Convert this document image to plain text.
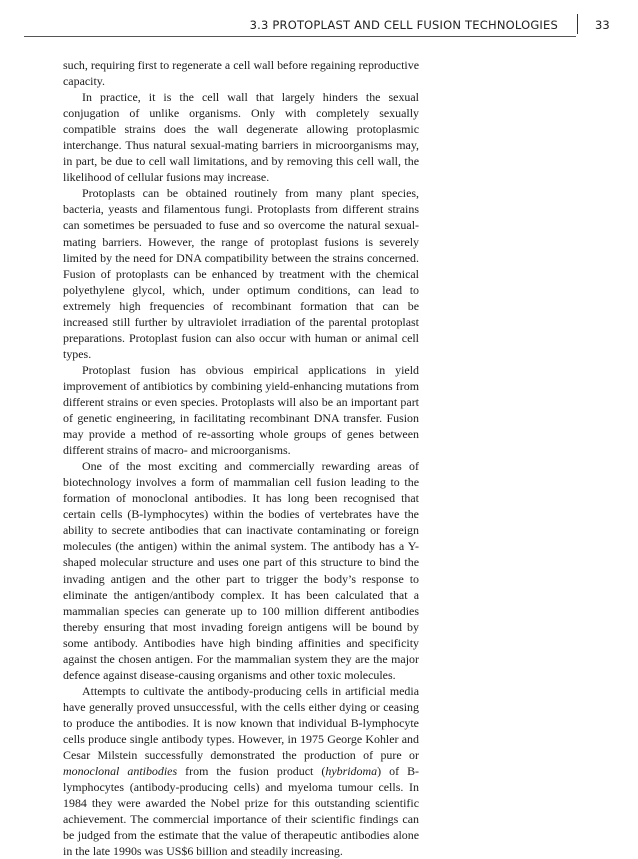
3.3 PROTOPLAST AND CELL FUSION TECHNOLOGIES	33

such, requiring first to regenerate a cell wall before regaining reproductive capacity.

In practice, it is the cell wall that largely hinders the sexual conjugation of unlike organisms. Only with completely sexually compatible strains does the wall degenerate allowing protoplasmic interchange. Thus natural sexual-mating barriers in microorganisms may, in part, be due to cell wall limitations, and by removing this cell wall, the likelihood of cellular fusions may increase.

Protoplasts can be obtained routinely from many plant species, bacteria, yeasts and filamentous fungi. Protoplasts from different strains can sometimes be persuaded to fuse and so overcome the natural sexual-mating barriers. However, the range of protoplast fusions is severely limited by the need for DNA compatibility between the strains concerned. Fusion of protoplasts can be enhanced by treatment with the chemical polyethylene glycol, which, under optimum conditions, can lead to extremely high frequencies of recombinant formation that can be increased still further by ultraviolet irradiation of the parental protoplast preparations. Protoplast fusion can also occur with human or animal cell types.

Protoplast fusion has obvious empirical applications in yield improvement of antibiotics by combining yield-enhancing mutations from different strains or even species. Protoplasts will also be an important part of genetic engineering, in facilitating recombinant DNA transfer. Fusion may provide a method of re-assorting whole groups of genes between different strains of macro- and microorganisms.

One of the most exciting and commercially rewarding areas of biotechnology involves a form of mammalian cell fusion leading to the formation of monoclonal antibodies. It has long been recognised that certain cells (B-lymphocytes) within the bodies of vertebrates have the ability to secrete antibodies that can inactivate contaminating or foreign molecules (the antigen) within the animal system. The antibody has a Y-shaped molecular structure and uses one part of this structure to bind the invading antigen and the other part to trigger the body’s response to eliminate the antigen/antibody complex. It has been calculated that a mammalian species can generate up to 100 million different antibodies thereby ensuring that most invading foreign antigens will be bound by some antibody. Antibodies have high binding affinities and specificity against the chosen antigen. For the mammalian system they are the major defence against disease-causing organisms and other toxic molecules.

Attempts to cultivate the antibody-producing cells in artificial media have generally proved unsuccessful, with the cells either dying or ceasing to produce the antibodies. It is now known that individual B-lymphocyte cells produce single antibody types. However, in 1975 George Kohler and Cesar Milstein successfully demonstrated the production of pure or monoclonal antibodies from the fusion product (hybridoma) of B-lymphocytes (antibody-producing cells) and myeloma tumour cells. In 1984 they were awarded the Nobel prize for this outstanding scientific achievement. The commercial importance of their scientific findings can be judged from the estimate that the value of therapeutic antibodies alone in the late 1990s was US$6 billion and steadily increasing.
